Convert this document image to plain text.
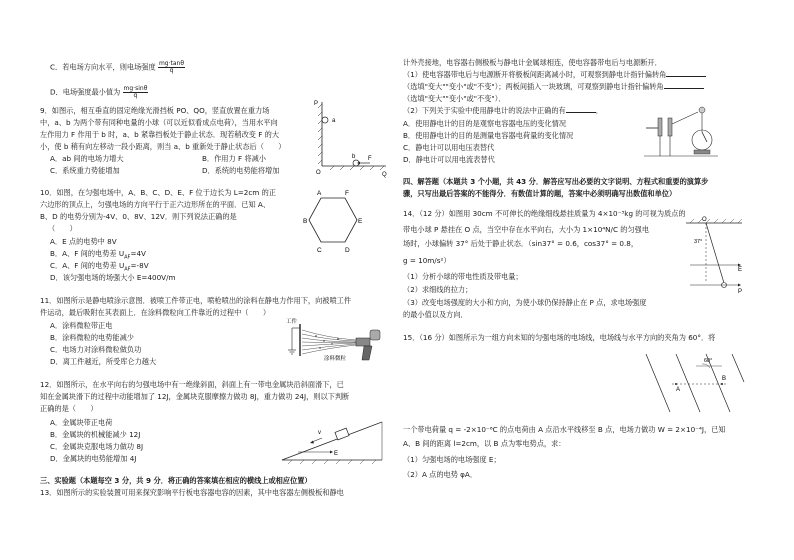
C．若电场方向水平，则电场强度 $\frac{mg\cdot\tan\theta}{q}$
D．电场强度最小值为 $\frac{mg\cdot\sin\theta}{q}$
9．如图示，相互垂直的固定绝缘光滑挡板 PO、QO，竖直放置在重力场
中，a、b 为两个带有同种电量的小球（可以近似看成点电荷），当用水平向
左作用力 F 作用于 b 时，a、b 紧靠挡板处于静止状态．现若稍改变 F 的大
小，使 b 稍有向左移动一段小距离，则当 a、b 重新处于静止状态后（　　）
A．ab 间的电场力增大	B．作用力 F 将减小
C．系统重力势能增加	D．系统的电势能将增加
10．如图，在匀强电场中，A、B、C、D、E、F 位于边长为 L=2cm 的正
六边形的顶点上，匀强电场的方向平行于正六边形所在的平面．已知 A、
B、D 的电势分别为-4V、0、8V、12V．则下列说法正确的是
（　　）
A．E 点的电势中 8V
B．A、F 间的电势差 $U_{AF}=4V$
C．A、F 间的电势差 $U_{AF}=-8V$
D．该匀强电场的场强大小 E=400V/m
11．如图所示是静电喷涂示意图．被喷工件带正电，喷枪喷出的涂料在静电力作用下，向被喷工件
件运动，最后吸附在其表面上．在涂料微粒向工件靠近的过程中（　　）
A．涂料微粒带正电
B．涂料微粒的电势能减少
C．电场力对涂料微粒做负功
D．离工件越近，所受库仑力越大
12．如图所示，在水平向右的匀强电场中有一绝缘斜面，斜面上有一带电金属块沿斜面滑下，已
知在金属块滑下的过程中动能增加了 12J，金属块克服摩擦力做功 8J，重力做功 24J，则以下判断
正确的是（　　）
A．金属块带正电荷
B．金属块的机械能减少 12J
C．金属块克服电场力做功 8J
D．金属块的电势能增加 4J
三、实验题（本题每空 3 分，共 9 分．将正确的答案填在相应的横线上或相应位置）
13．如图所示的实验装置可用来探究影响平行板电容器电容的因素，其中电容器左侧极板和静电
P
a
b F
O	Q
A	F
B	E
C	D
工件
涂料微粒
v
E
计外壳接地，电容器右侧极板与静电计金属球相连，使电容器带电后与电源断开．
（1）使电容器带电后与电源断开将极板间距离减小时，可观察到静电计指针偏转角
（选填"变大""变小"或"不变"）；两板间插入一块玻璃，可观察到静电计指针偏转角
（选填"变大""变小"或"不变"）．
（2）下列关于实验中使用静电计的说法中正确的有	．
A．使用静电计的目的是观察电容器电压的变化情况
B．使用静电计的目的是测量电容器电荷量的变化情况
C．静电计可以用电压表替代
D．静电计可以用电流表替代
四、解答题（本题共 3 个小题，共 43 分．解答应写出必要的文字说明、方程式和重要的演算步
骤，只写出最后答案的不能得分．有数值计算的题，答案中必须明确写出数值和单位）
14．（12 分）如图用 30cm 不可伸长的绝缘细线悬挂质量为 4×10⁻³kg 的可视为质点的
带电小球 P 悬挂在 O 点，当空中存在水平向右，大小为 1×10⁴N/C 的匀强电
场时，小球偏转 37° 后处于静止状态．（sin37° = 0.6，cos37° = 0.8，
g = 10m/s²）
（1）分析小球的带电性质及带电量；
（2）求细线的拉力；
（3）改变电场强度的大小和方向，为使小球仍保持静止在 P 点，求电场强度
的最小值以及方向．
15．（16 分）如图所示为一组方向未知的匀强电场的电场线，电场线与水平方向的夹角为 60°．将
一个带电荷量 q = -2×10⁻⁶C 的点电荷由 A 点沿水平线移至 B 点，电场力做功 W = 2×10⁻⁴J，已知
A、B 间的距离 l=2cm，以 B 点为零电势点，求：
（1）匀强电场的电场强度 E；
（2）A 点的电势 φA．
O
37°
E
P
60°
A
B
